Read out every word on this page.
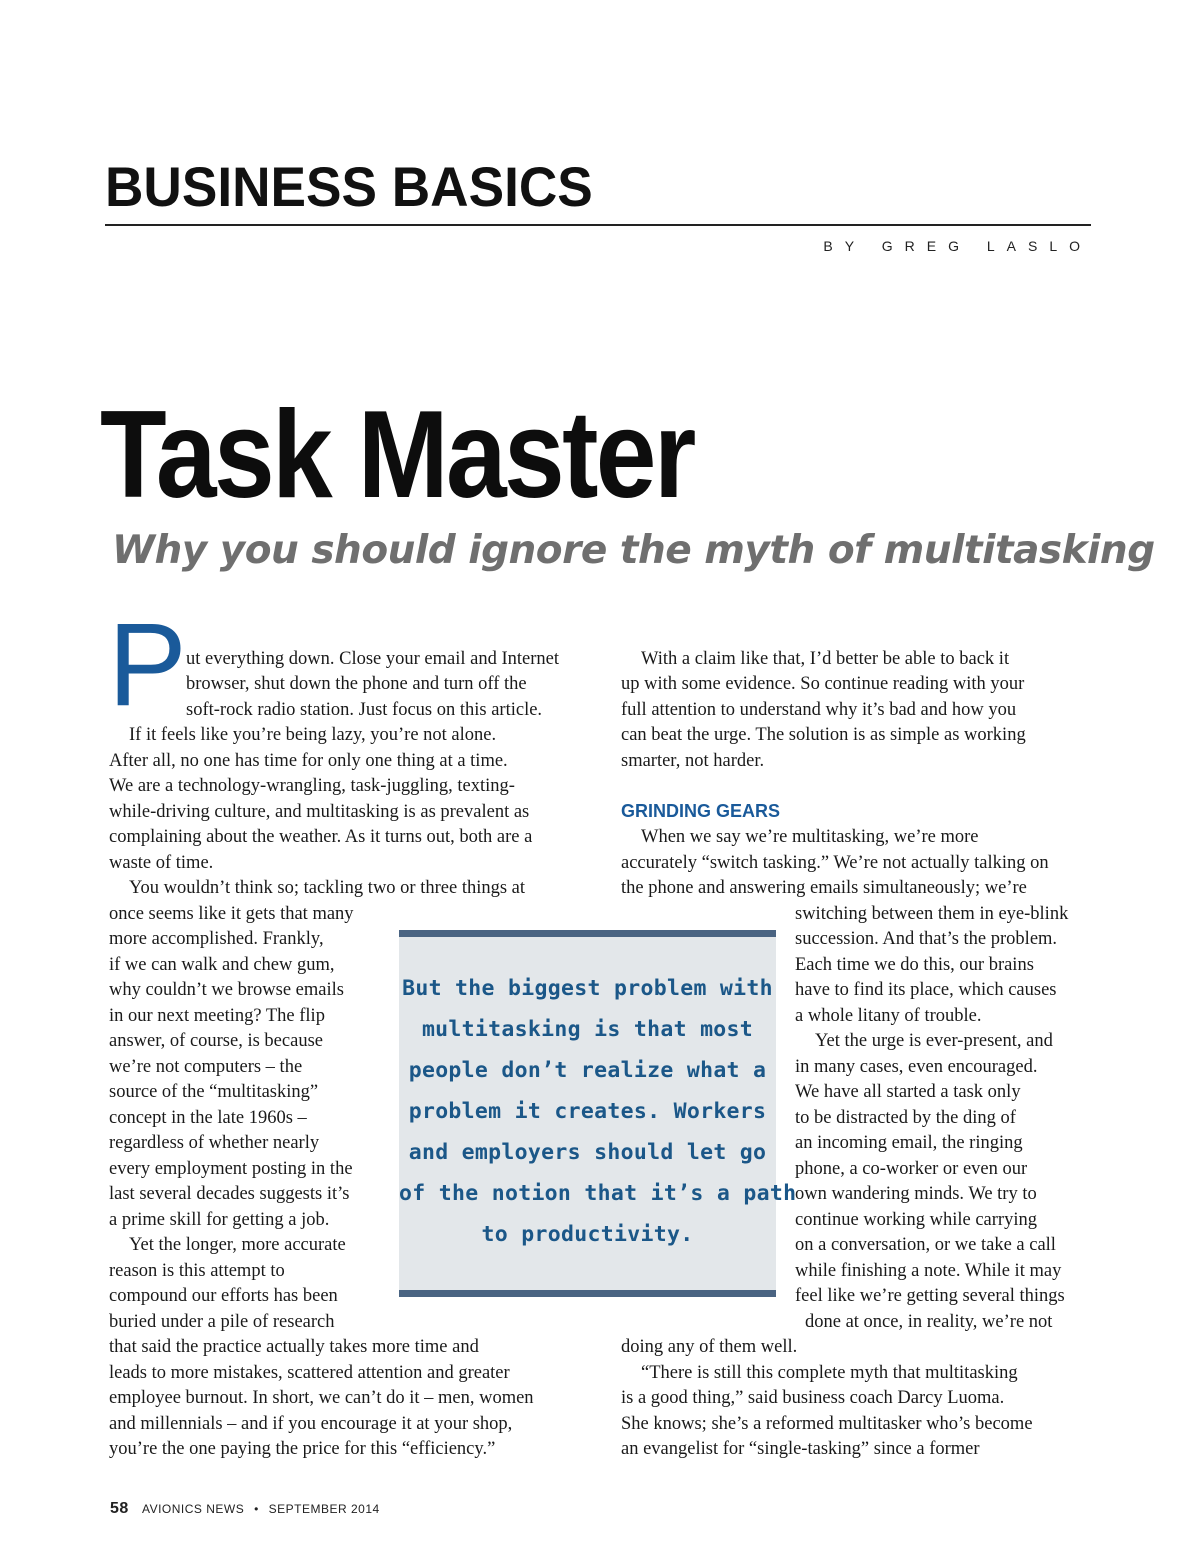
BUSINESS BASICS
BY GREG LASLO
Task Master
Why you should ignore the myth of multitasking
P ut everything down. Close your email and Internet
browser, shut down the phone and turn off the
soft-rock radio station. Just focus on this article.
If it feels like you’re being lazy, you’re not alone.
After all, no one has time for only one thing at a time.
We are a technology-wrangling, task-juggling, texting-
while-driving culture, and multitasking is as prevalent as
complaining about the weather. As it turns out, both are a
waste of time.
You wouldn’t think so; tackling two or three things at
once seems like it gets that many
more accomplished. Frankly,
if we can walk and chew gum,
why couldn’t we browse emails
in our next meeting? The flip
answer, of course, is because
we’re not computers – the
source of the “multitasking”
concept in the late 1960s –
regardless of whether nearly
every employment posting in the
last several decades suggests it’s
a prime skill for getting a job.
Yet the longer, more accurate
reason is this attempt to
compound our efforts has been
buried under a pile of research
that said the practice actually takes more time and
leads to more mistakes, scattered attention and greater
employee burnout. In short, we can’t do it – men, women
and millennials – and if you encourage it at your shop,
you’re the one paying the price for this “efficiency.”
With a claim like that, I’d better be able to back it
up with some evidence. So continue reading with your
full attention to understand why it’s bad and how you
can beat the urge. The solution is as simple as working
smarter, not harder.
GRINDING GEARS
When we say we’re multitasking, we’re more
accurately “switch tasking.” We’re not actually talking on
the phone and answering emails simultaneously; we’re
switching between them in eye-blink
succession. And that’s the problem.
Each time we do this, our brains
have to find its place, which causes
a whole litany of trouble.
Yet the urge is ever-present, and
in many cases, even encouraged.
We have all started a task only
to be distracted by the ding of
an incoming email, the ringing
phone, a co-worker or even our
own wandering minds. We try to
continue working while carrying
on a conversation, or we take a call
while finishing a note. While it may
feel like we’re getting several things
done at once, in reality, we’re not
doing any of them well.
“There is still this complete myth that multitasking
is a good thing,” said business coach Darcy Luoma.
She knows; she’s a reformed multitasker who’s become
an evangelist for “single-tasking” since a former
But the biggest problem with
multitasking is that most
people don’t realize what a
problem it creates. Workers
and employers should let go
of the notion that it’s a path
to productivity.
58 AVIONICS NEWS • SEPTEMBER 2014
